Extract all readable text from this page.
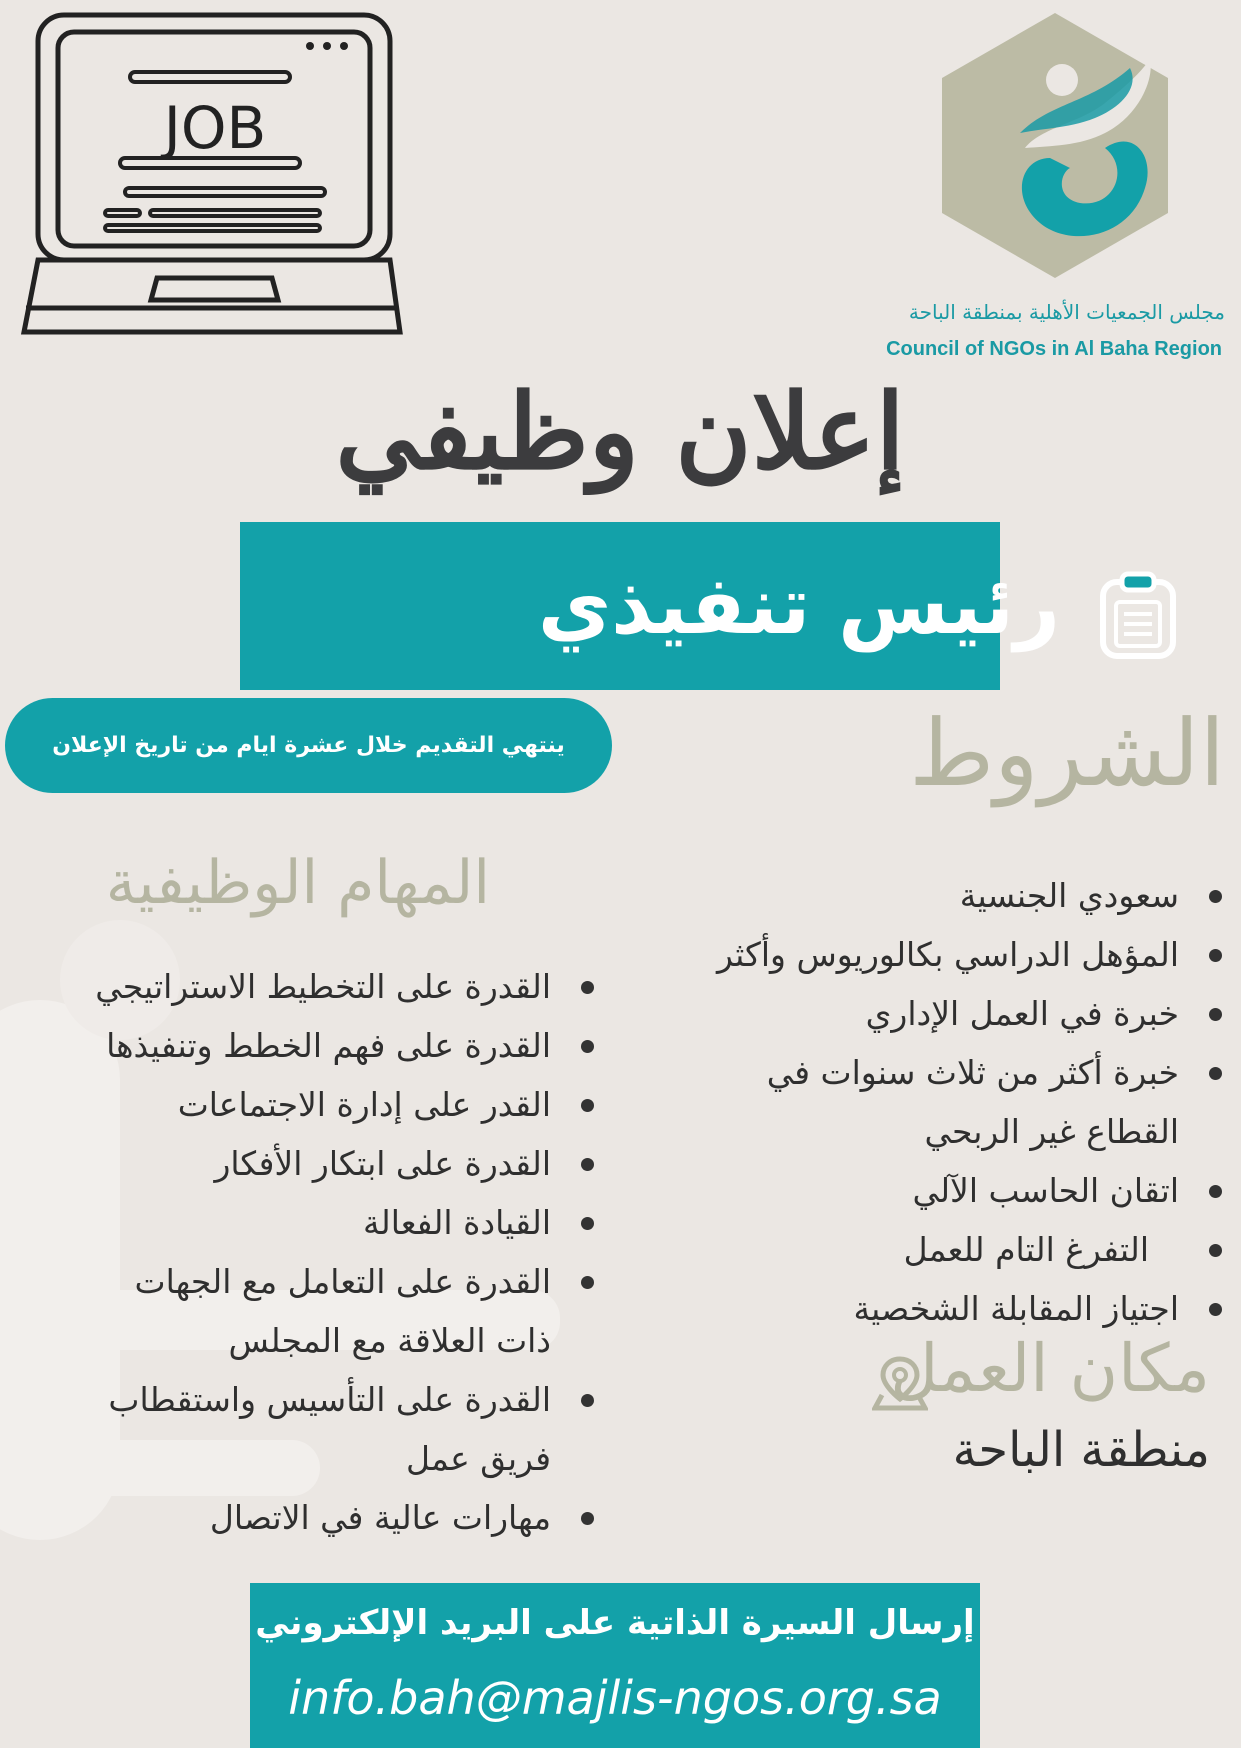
JOB
مجلس الجمعيات الأهلية بمنطقة الباحة
Council of NGOs in Al Baha Region
إعلان وظيفي
رئيس تنفيذي
ينتهي التقديم خلال عشرة ايام من تاريخ الإعلان	الشروط
سعودي الجنسية
المؤهل الدراسي بكالوريوس وأكثر
خبرة في العمل الإداري
خبرة أكثر من ثلاث سنوات في
القطاع غير الربحي
اتقان الحاسب الآلي
التفرغ التام للعمل
اجتياز المقابلة الشخصية
المهام الوظيفية
القدرة على التخطيط الاستراتيجي
القدرة على فهم الخطط وتنفيذها
القدر على إدارة الاجتماعات
القدرة على ابتكار الأفكار
القيادة الفعالة
القدرة على التعامل مع الجهات
ذات العلاقة مع المجلس
القدرة على التأسيس واستقطاب
فريق عمل
مهارات عالية في الاتصال
مكان العمل
منطقة الباحة
إرسال السيرة الذاتية على البريد الإلكتروني
info.bah@majlis-ngos.org.sa
